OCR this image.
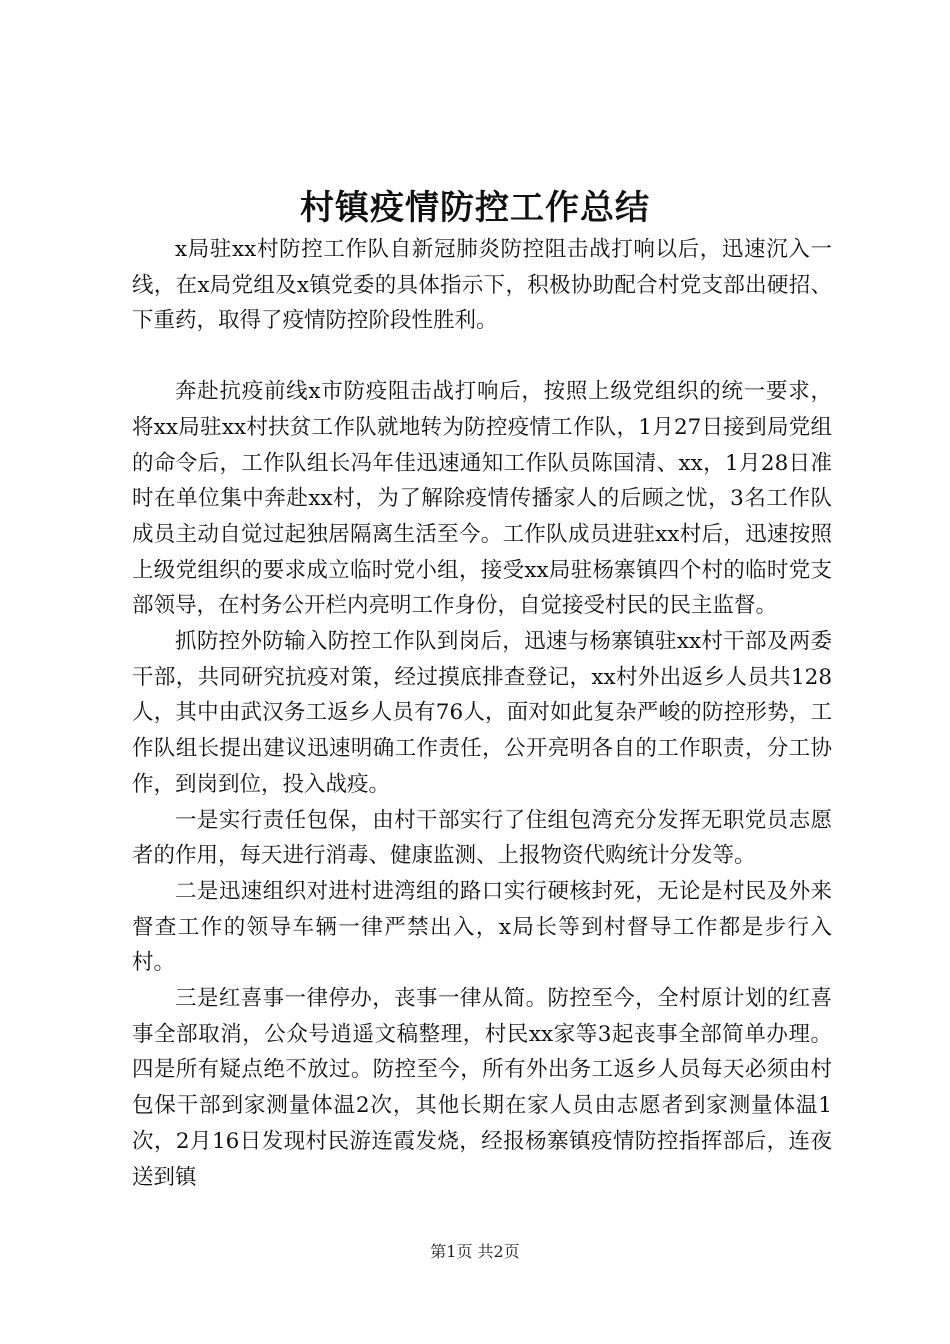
村镇疫情防控工作总结

x局驻xx村防控工作队自新冠肺炎防控阻击战打响以后，迅速沉入一线，在x局党组及x镇党委的具体指示下，积极协助配合村党支部出硬招、下重药，取得了疫情防控阶段性胜利。

奔赴抗疫前线x市防疫阻击战打响后，按照上级党组织的统一要求，将xx局驻xx村扶贫工作队就地转为防控疫情工作队，1月27日接到局党组的命令后，工作队组长冯年佳迅速通知工作队员陈国清、xx，1月28日准时在单位集中奔赴xx村，为了解除疫情传播家人的后顾之忧，3名工作队成员主动自觉过起独居隔离生活至今。工作队成员进驻xx村后，迅速按照上级党组织的要求成立临时党小组，接受xx局驻杨寨镇四个村的临时党支部领导，在村务公开栏内亮明工作身份，自觉接受村民的民主监督。

抓防控外防输入防控工作队到岗后，迅速与杨寨镇驻xx村干部及两委干部，共同研究抗疫对策，经过摸底排查登记，xx村外出返乡人员共128人，其中由武汉务工返乡人员有76人，面对如此复杂严峻的防控形势，工作队组长提出建议迅速明确工作责任，公开亮明各自的工作职责，分工协作，到岗到位，投入战疫。

一是实行责任包保，由村干部实行了住组包湾充分发挥无职党员志愿者的作用，每天进行消毒、健康监测、上报物资代购统计分发等。

二是迅速组织对进村进湾组的路口实行硬核封死，无论是村民及外来督查工作的领导车辆一律严禁出入，x局长等到村督导工作都是步行入村。

三是红喜事一律停办，丧事一律从简。防控至今，全村原计划的红喜事全部取消，公众号逍遥文稿整理，村民xx家等3起丧事全部简单办理。四是所有疑点绝不放过。防控至今，所有外出务工返乡人员每天必须由村包保干部到家测量体温2次，其他长期在家人员由志愿者到家测量体温1次，2月16日发现村民游连霞发烧，经报杨寨镇疫情防控指挥部后，连夜送到镇

第1页 共2页
